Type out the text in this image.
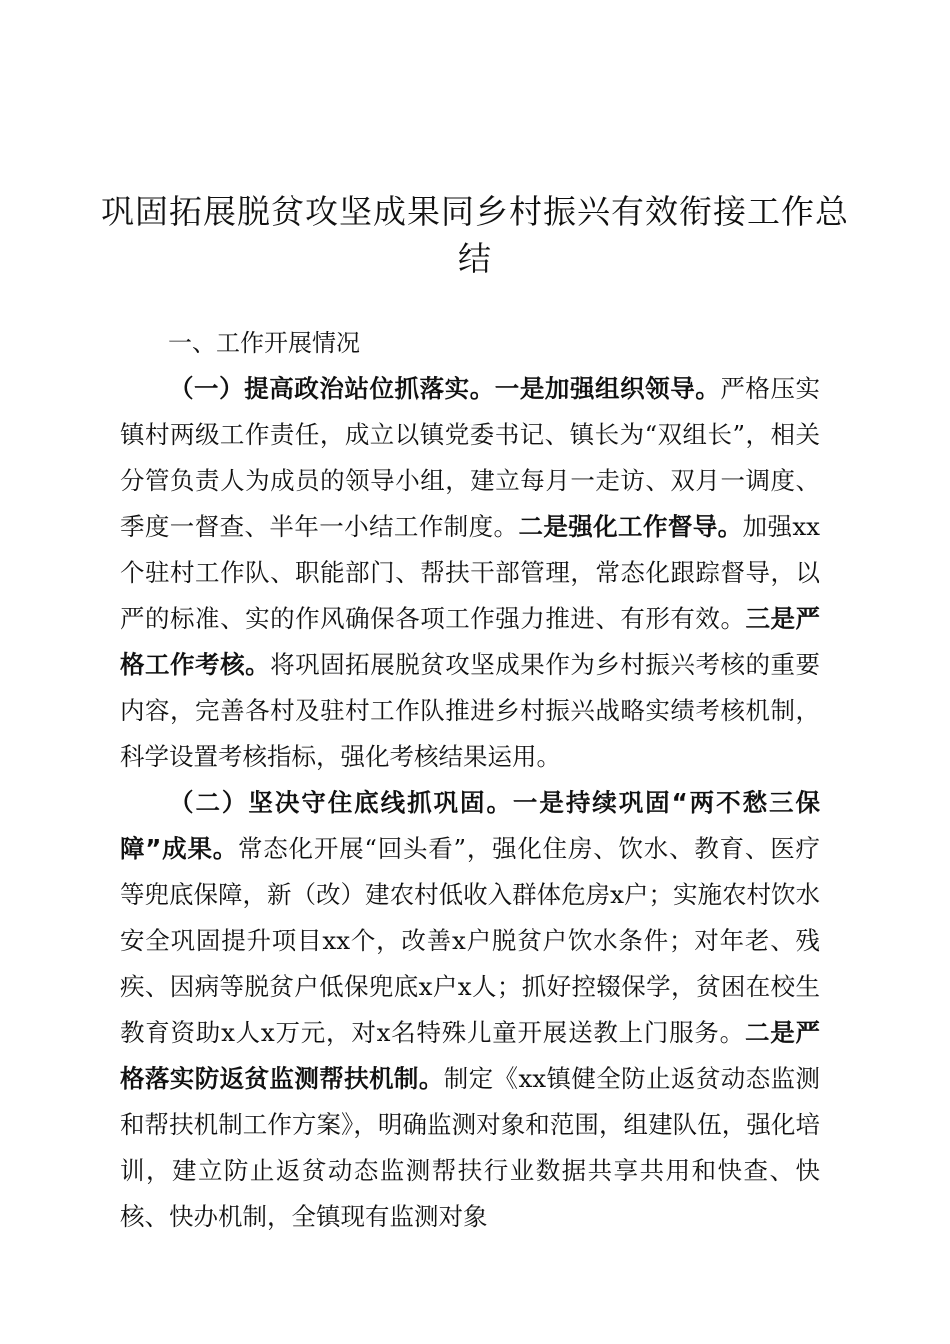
巩固拓展脱贫攻坚成果同乡村振兴有效衔接工作总结

一、工作开展情况

（一）提高政治站位抓落实。一是加强组织领导。严格压实镇村两级工作责任，成立以镇党委书记、镇长为“双组长”，相关分管负责人为成员的领导小组，建立每月一走访、双月一调度、季度一督查、半年一小结工作制度。二是强化工作督导。加强xx个驻村工作队、职能部门、帮扶干部管理，常态化跟踪督导，以严的标准、实的作风确保各项工作强力推进、有形有效。三是严格工作考核。将巩固拓展脱贫攻坚成果作为乡村振兴考核的重要内容，完善各村及驻村工作队推进乡村振兴战略实绩考核机制，科学设置考核指标，强化考核结果运用。

（二）坚决守住底线抓巩固。一是持续巩固“两不愁三保障”成果。常态化开展“回头看”，强化住房、饮水、教育、医疗等兜底保障，新（改）建农村低收入群体危房x户；实施农村饮水安全巩固提升项目xx个，改善x户脱贫户饮水条件；对年老、残疾、因病等脱贫户低保兜底x户x人；抓好控辍保学，贫困在校生教育资助x人x万元，对x名特殊儿童开展送教上门服务。二是严格落实防返贫监测帮扶机制。制定《xx镇健全防止返贫动态监测和帮扶机制工作方案》，明确监测对象和范围，组建队伍，强化培训，建立防止返贫动态监测帮扶行业数据共享共用和快查、快核、快办机制，全镇现有监测对象
